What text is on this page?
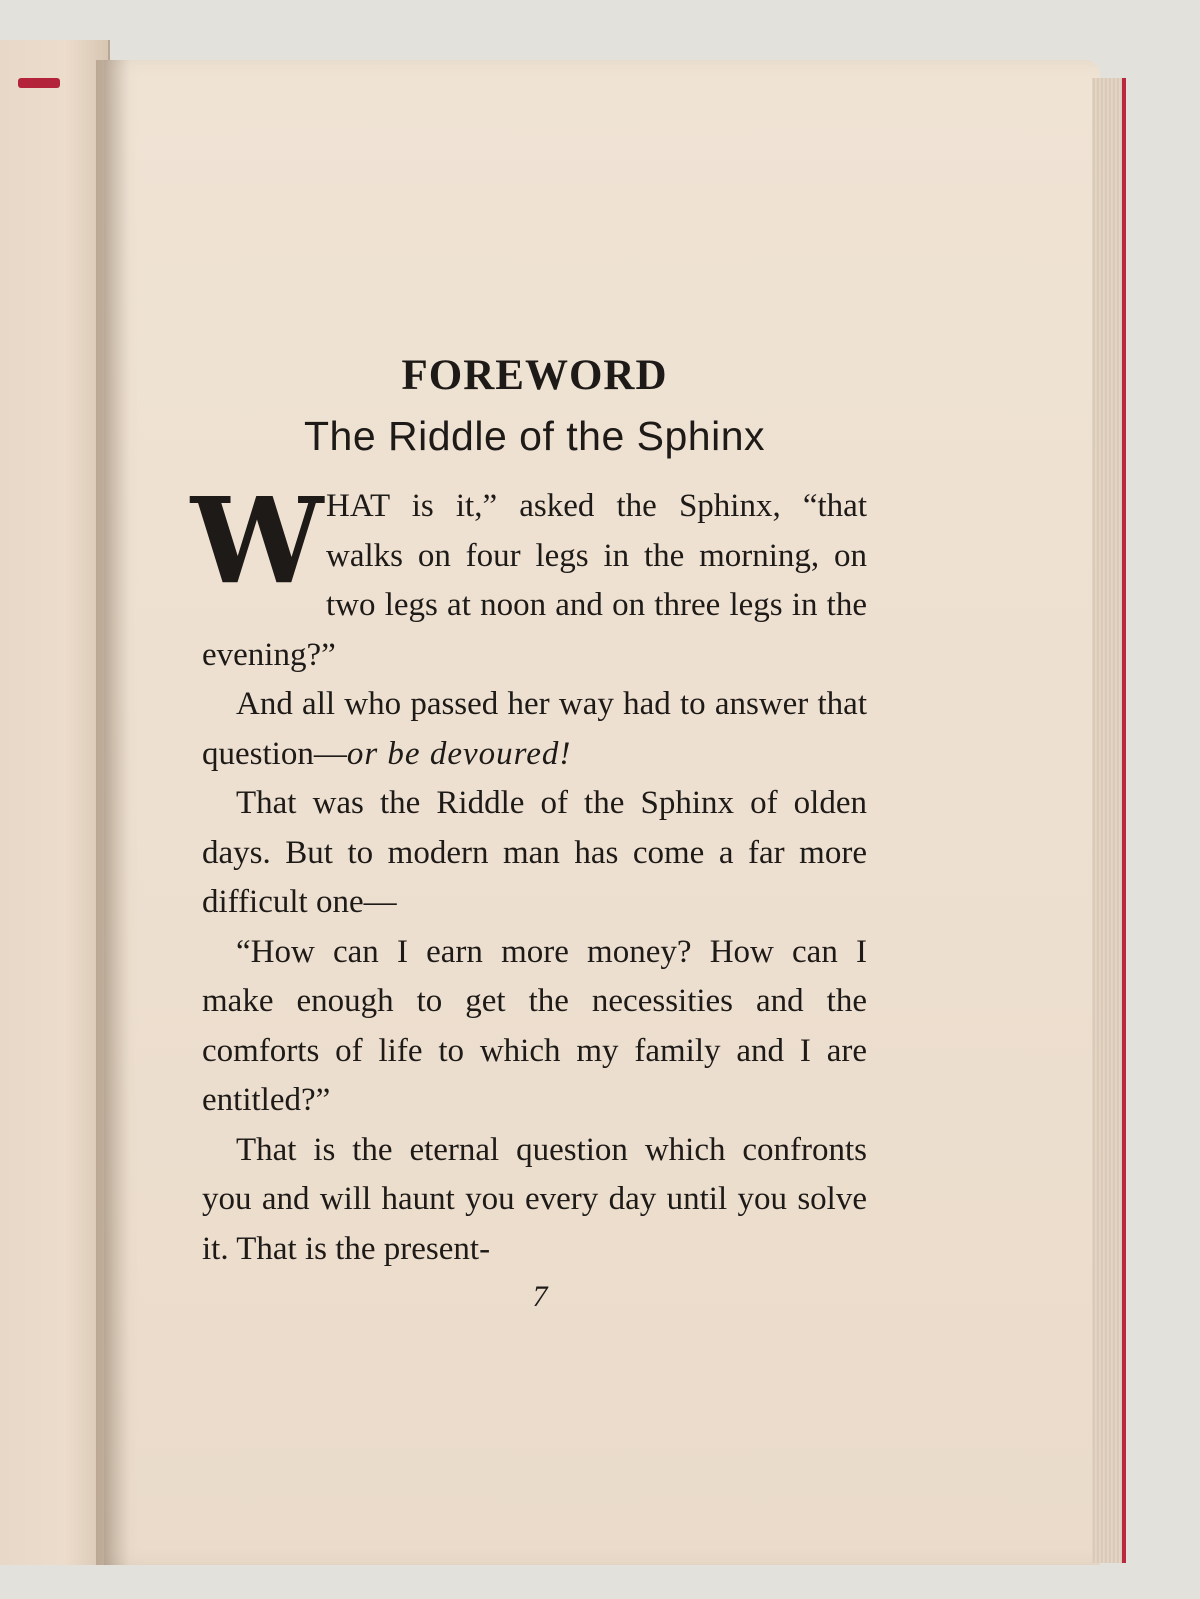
FOREWORD
The Riddle of the Sphinx

W HAT is it,” asked the Sphinx, “that walks on four legs in the morning, on two legs at noon and on three legs in the evening?”

And all who passed her way had to answer that question—or be devoured!

That was the Riddle of the Sphinx of olden days. But to modern man has come a far more difficult one—

“How can I earn more money? How can I make enough to get the necessities and the comforts of life to which my family and I are entitled?”

That is the eternal question which confronts you and will haunt you every day until you solve it. That is the present-

7
